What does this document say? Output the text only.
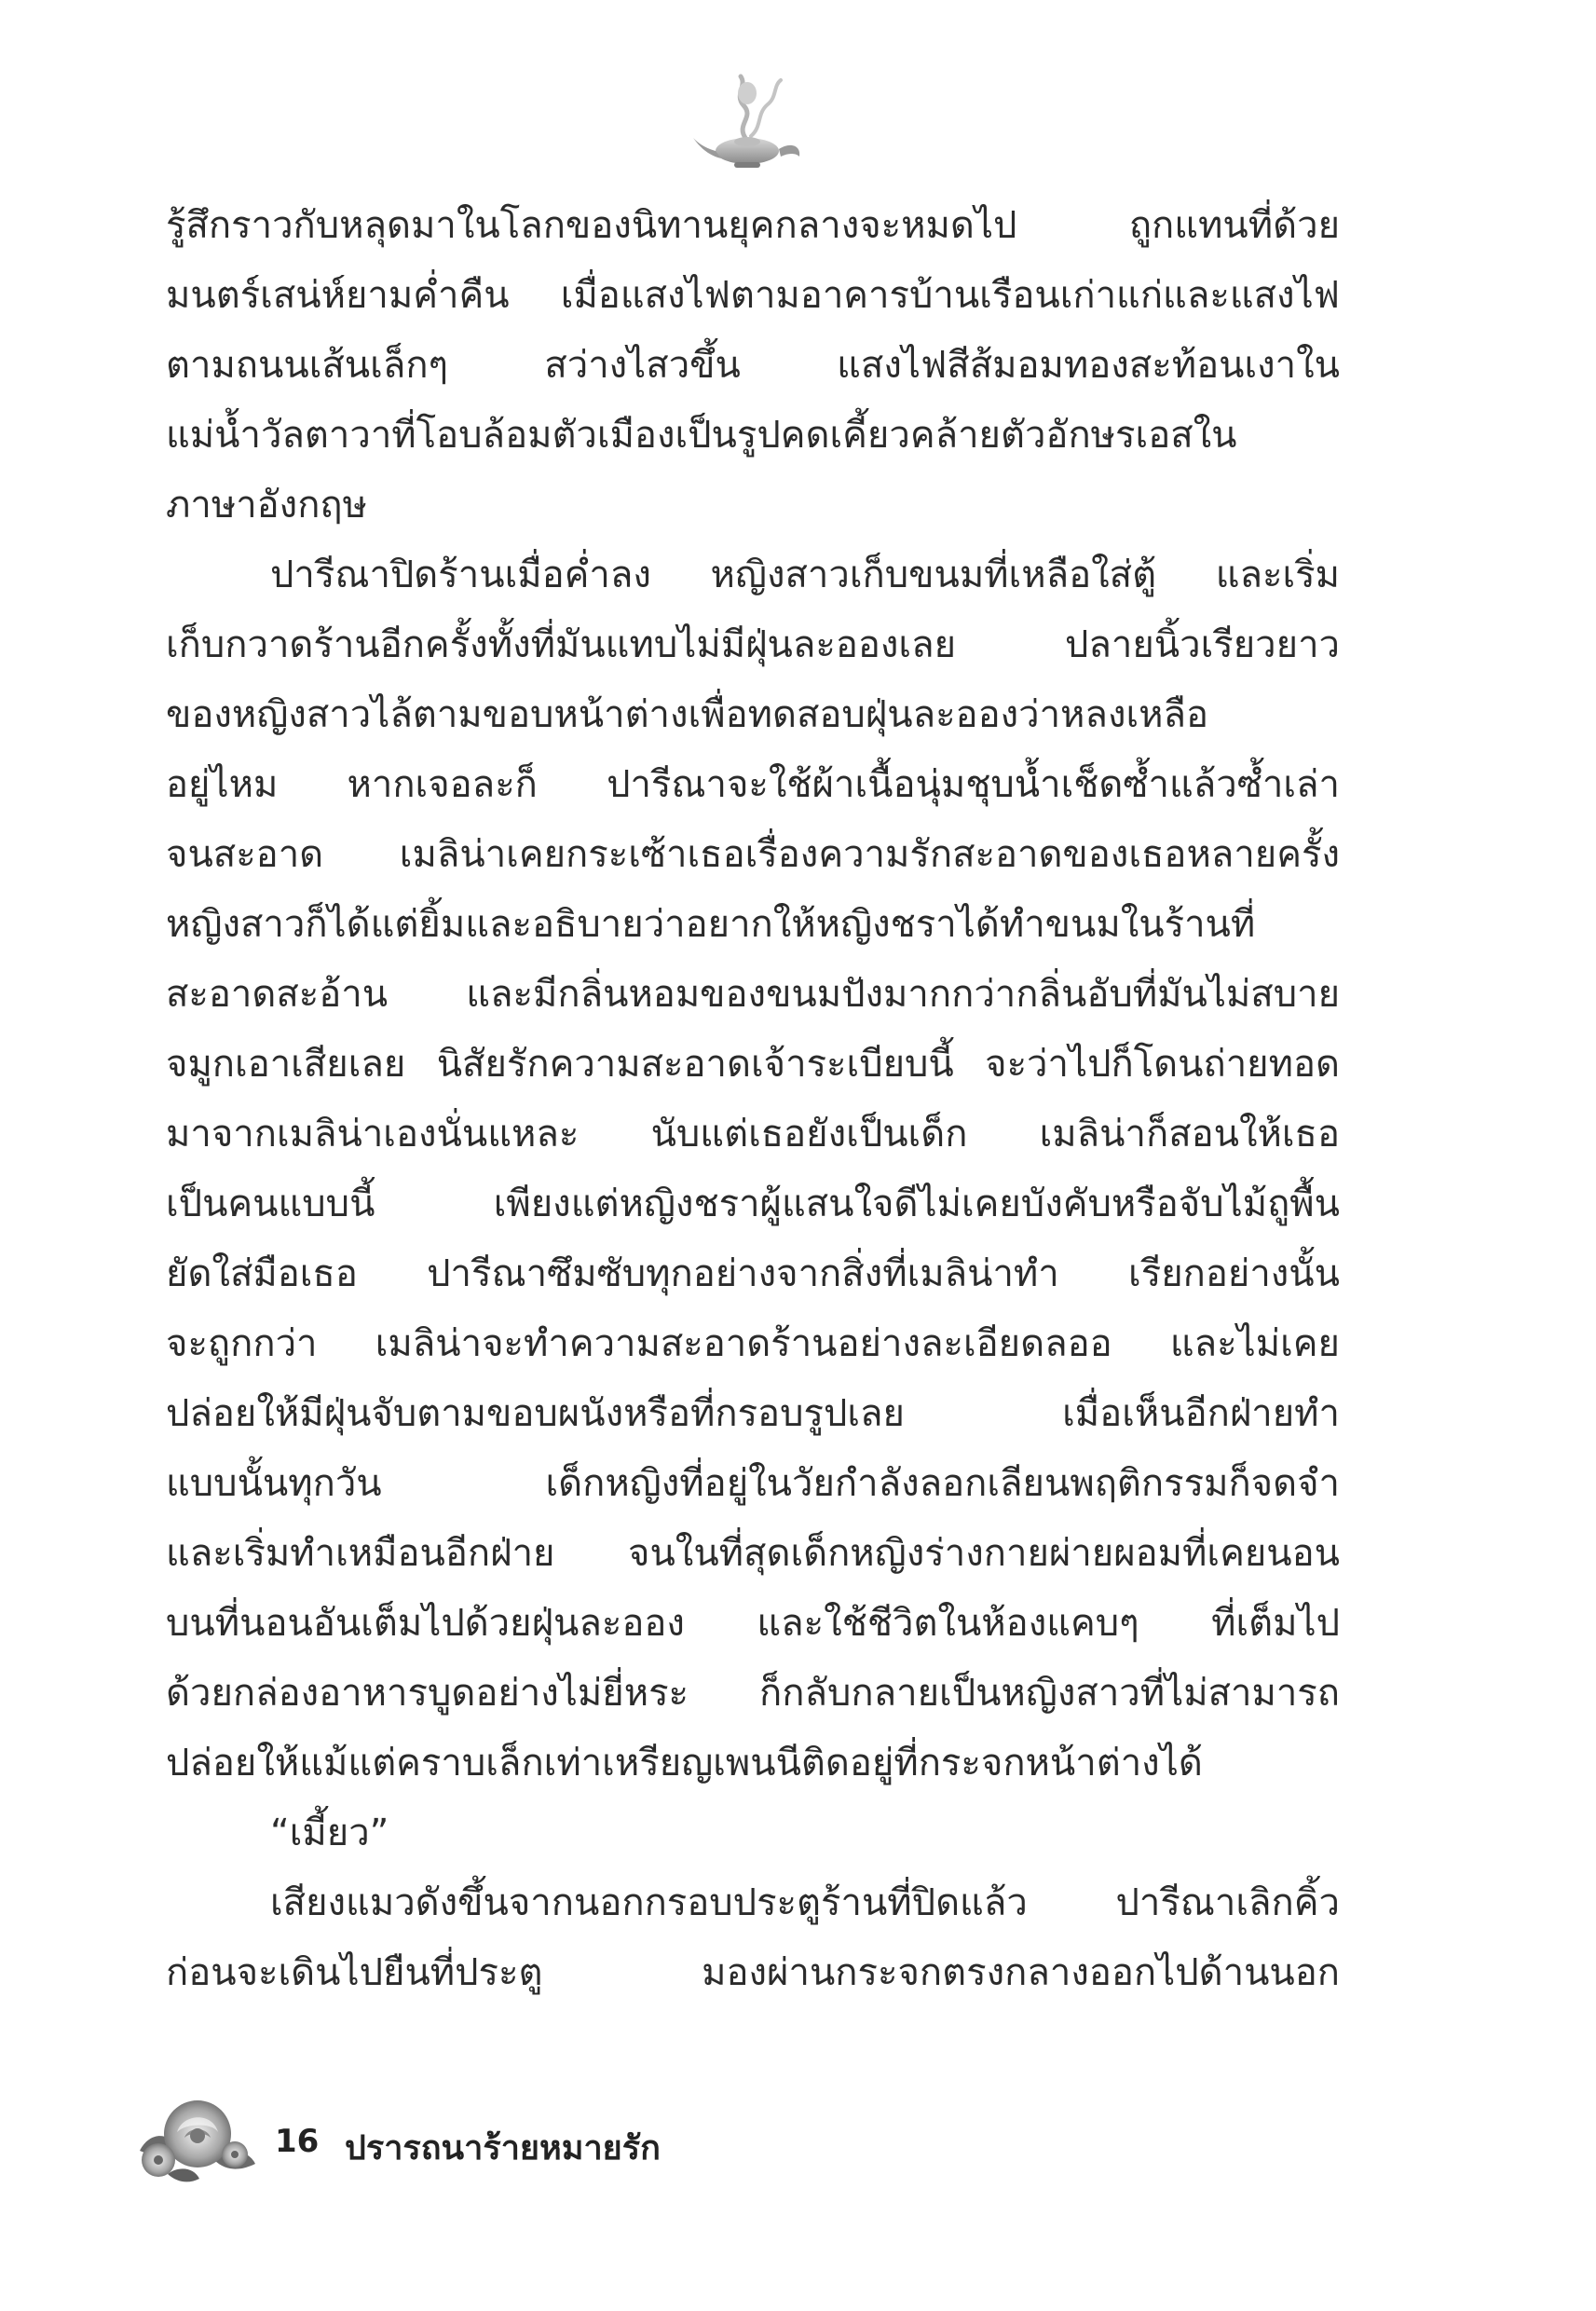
รู้สึกราวกับหลุดมาในโลกของนิทานยุคกลางจะหมดไป ถูกแทนที่ด้วย
มนตร์เสน่ห์ยามค่ำคืน เมื่อแสงไฟตามอาคารบ้านเรือนเก่าแก่และแสงไฟ
ตามถนนเส้นเล็กๆ สว่างไสวขึ้น แสงไฟสีส้มอมทองสะท้อนเงาใน
แม่น้ำวัลตาวาที่โอบล้อมตัวเมืองเป็นรูปคดเคี้ยวคล้ายตัวอักษรเอสใน
ภาษาอังกฤษ
ปารีณาปิดร้านเมื่อค่ำลง หญิงสาวเก็บขนมที่เหลือใส่ตู้ และเริ่ม
เก็บกวาดร้านอีกครั้งทั้งที่มันแทบไม่มีฝุ่นละอองเลย ปลายนิ้วเรียวยาว
ของหญิงสาวไล้ตามขอบหน้าต่างเพื่อทดสอบฝุ่นละอองว่าหลงเหลือ
อยู่ไหม หากเจอละก็ ปารีณาจะใช้ผ้าเนื้อนุ่มชุบน้ำเช็ดซ้ำแล้วซ้ำเล่า
จนสะอาด เมลิน่าเคยกระเซ้าเธอเรื่องความรักสะอาดของเธอหลายครั้ง
หญิงสาวก็ได้แต่ยิ้มและอธิบายว่าอยากให้หญิงชราได้ทำขนมในร้านที่
สะอาดสะอ้าน และมีกลิ่นหอมของขนมปังมากกว่ากลิ่นอับที่มันไม่สบาย
จมูกเอาเสียเลย นิสัยรักความสะอาดเจ้าระเบียบนี้ จะว่าไปก็โดนถ่ายทอด
มาจากเมลิน่าเองนั่นแหละ นับแต่เธอยังเป็นเด็ก เมลิน่าก็สอนให้เธอ
เป็นคนแบบนี้ เพียงแต่หญิงชราผู้แสนใจดีไม่เคยบังคับหรือจับไม้ถูพื้น
ยัดใส่มือเธอ ปารีณาซึมซับทุกอย่างจากสิ่งที่เมลิน่าทำ เรียกอย่างนั้น
จะถูกกว่า เมลิน่าจะทำความสะอาดร้านอย่างละเอียดลออ และไม่เคย
ปล่อยให้มีฝุ่นจับตามขอบผนังหรือที่กรอบรูปเลย เมื่อเห็นอีกฝ่ายทำ
แบบนั้นทุกวัน เด็กหญิงที่อยู่ในวัยกำลังลอกเลียนพฤติกรรมก็จดจำ
และเริ่มทำเหมือนอีกฝ่าย จนในที่สุดเด็กหญิงร่างกายผ่ายผอมที่เคยนอน
บนที่นอนอันเต็มไปด้วยฝุ่นละออง และใช้ชีวิตในห้องแคบๆ ที่เต็มไป
ด้วยกล่องอาหารบูดอย่างไม่ยี่หระ ก็กลับกลายเป็นหญิงสาวที่ไม่สามารถ
ปล่อยให้แม้แต่คราบเล็กเท่าเหรียญเพนนีติดอยู่ที่กระจกหน้าต่างได้
“เมี้ยว”
เสียงแมวดังขึ้นจากนอกกรอบประตูร้านที่ปิดแล้ว ปารีณาเลิกคิ้ว
ก่อนจะเดินไปยืนที่ประตู มองผ่านกระจกตรงกลางออกไปด้านนอก
16 ปรารถนาร้ายหมายรัก
